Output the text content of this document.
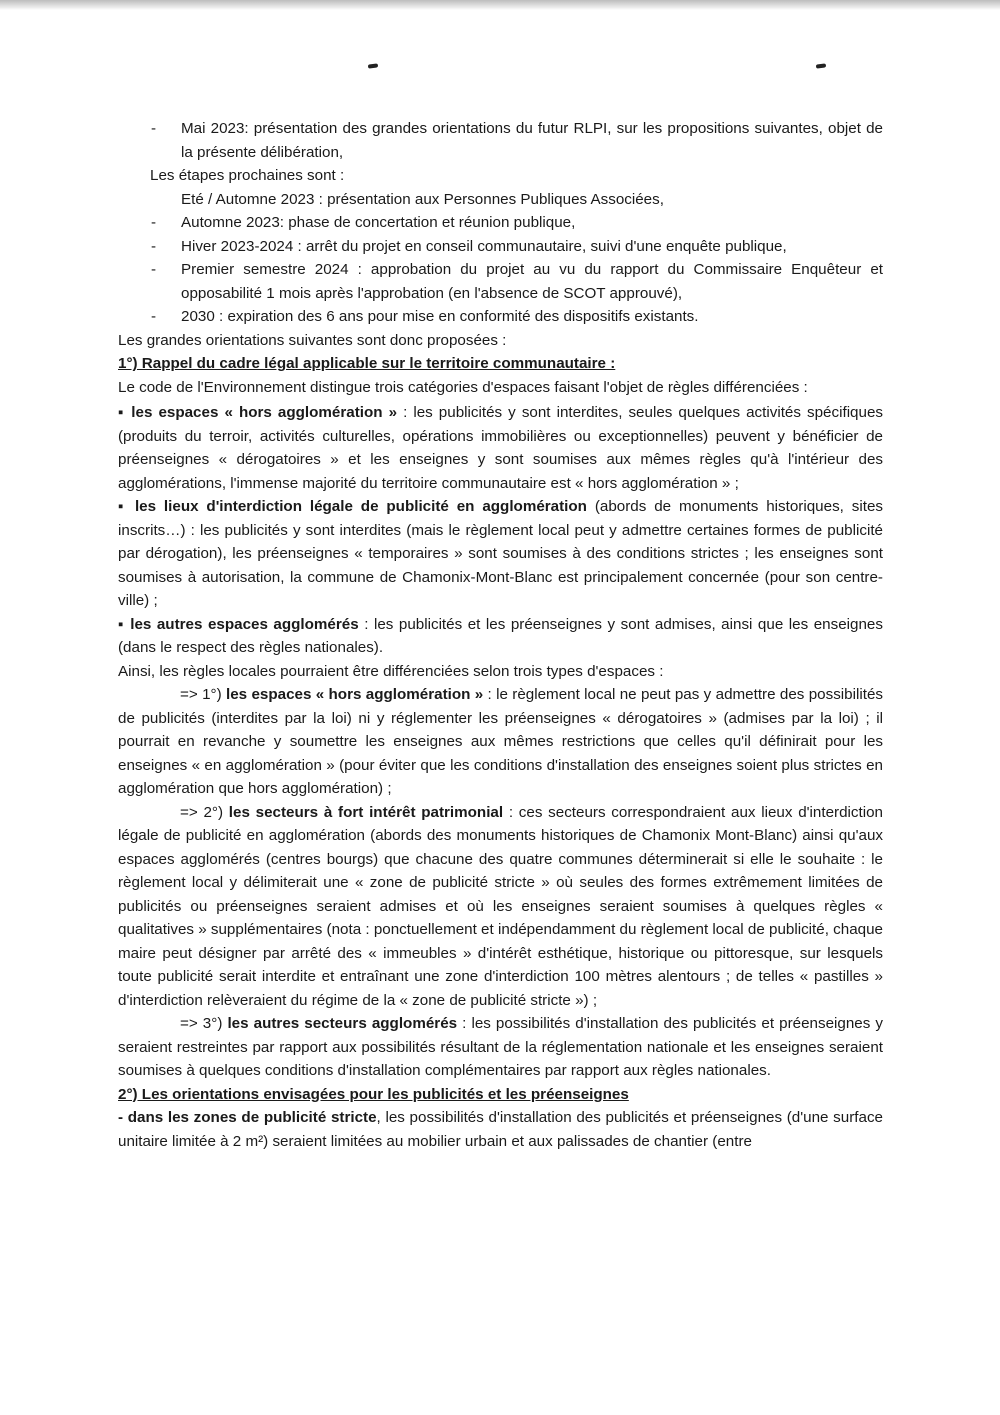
- Mai 2023: présentation des grandes orientations du futur RLPI, sur les propositions suivantes, objet de la présente délibération,

Les étapes prochaines sont :

Eté / Automne 2023 : présentation aux Personnes Publiques Associées,

- Automne 2023: phase de concertation et réunion publique,

- Hiver 2023-2024 : arrêt du projet en conseil communautaire, suivi d'une enquête publique,

- Premier semestre 2024 : approbation du projet au vu du rapport du Commissaire Enquêteur et opposabilité 1 mois après l'approbation (en l'absence de SCOT approuvé),

- 2030 : expiration des 6 ans pour mise en conformité des dispositifs existants.

Les grandes orientations suivantes sont donc proposées :

1°) Rappel du cadre légal applicable sur le territoire communautaire :

Le code de l'Environnement distingue trois catégories d'espaces faisant l'objet de règles différenciées :

▪ les espaces « hors agglomération » : les publicités y sont interdites, seules quelques activités spécifiques (produits du terroir, activités culturelles, opérations immobilières ou exceptionnelles) peuvent y bénéficier de préenseignes « dérogatoires » et les enseignes y sont soumises aux mêmes règles qu'à l'intérieur des agglomérations, l'immense majorité du territoire communautaire est « hors agglomération » ;

▪ les lieux d'interdiction légale de publicité en agglomération (abords de monuments historiques, sites inscrits…) : les publicités y sont interdites (mais le règlement local peut y admettre certaines formes de publicité par dérogation), les préenseignes « temporaires » sont soumises à des conditions strictes ; les enseignes sont soumises à autorisation, la commune de Chamonix-Mont-Blanc est principalement concernée (pour son centre-ville) ;

▪ les autres espaces agglomérés : les publicités et les préenseignes y sont admises, ainsi que les enseignes (dans le respect des règles nationales).

Ainsi, les règles locales pourraient être différenciées selon trois types d'espaces :

=> 1°) les espaces « hors agglomération » : le règlement local ne peut pas y admettre des possibilités de publicités (interdites par la loi) ni y réglementer les préenseignes « dérogatoires » (admises par la loi) ; il pourrait en revanche y soumettre les enseignes aux mêmes restrictions que celles qu'il définirait pour les enseignes « en agglomération » (pour éviter que les conditions d'installation des enseignes soient plus strictes en agglomération que hors agglomération) ;

=> 2°) les secteurs à fort intérêt patrimonial : ces secteurs correspondraient aux lieux d'interdiction légale de publicité en agglomération (abords des monuments historiques de Chamonix Mont-Blanc) ainsi qu'aux espaces agglomérés (centres bourgs) que chacune des quatre communes déterminerait si elle le souhaite : le règlement local y délimiterait une « zone de publicité stricte » où seules des formes extrêmement limitées de publicités ou préenseignes seraient admises et où les enseignes seraient soumises à quelques règles « qualitatives » supplémentaires (nota : ponctuellement et indépendamment du règlement local de publicité, chaque maire peut désigner par arrêté des « immeubles » d'intérêt esthétique, historique ou pittoresque, sur lesquels toute publicité serait interdite et entraînant une zone d'interdiction 100 mètres alentours ; de telles « pastilles » d'interdiction relèveraient du régime de la « zone de publicité stricte ») ;

=> 3°) les autres secteurs agglomérés : les possibilités d'installation des publicités et préenseignes y seraient restreintes par rapport aux possibilités résultant de la réglementation nationale et les enseignes seraient soumises à quelques conditions d'installation complémentaires par rapport aux règles nationales.

2°) Les orientations envisagées pour les publicités et les préenseignes

- dans les zones de publicité stricte, les possibilités d'installation des publicités et préenseignes (d'une surface unitaire limitée à 2 m²) seraient limitées au mobilier urbain et aux palissades de chantier (entre
